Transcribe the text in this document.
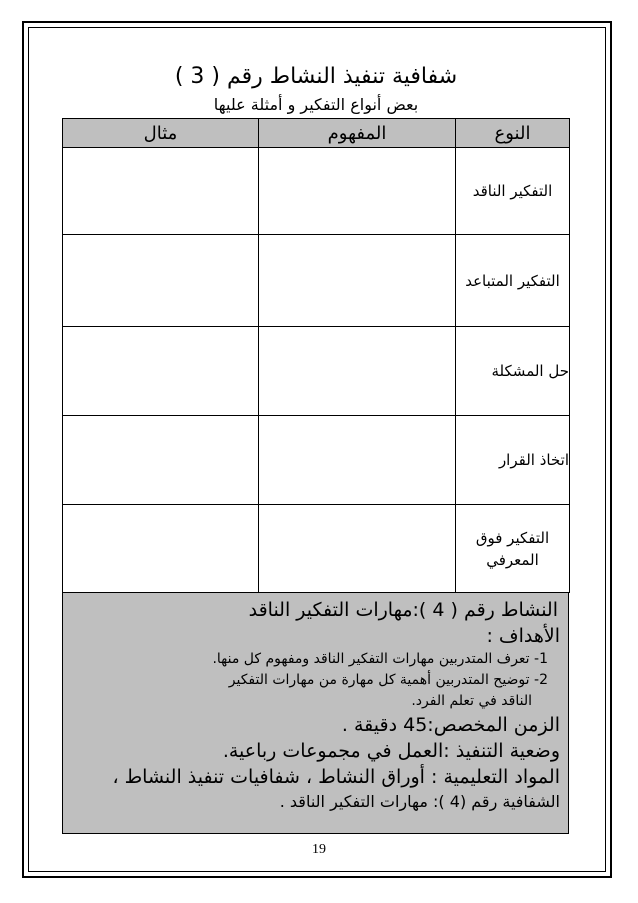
شفافية تنفيذ النشاط رقم ( 3 )
بعض أنواع التفكير و أمثلة عليها
النوع	المفهوم	مثال
التفكير الناقد		
التفكير المتباعد		
حل المشكلة		
اتخاذ القرار		
التفكير فوق المعرفي		
النشاط رقم ( 4 ):مهارات التفكير الناقد
الأهداف :
1- تعرف المتدربين مهارات التفكير الناقد ومفهوم كل منها.
2- توضيح المتدربين أهمية كل مهارة من مهارات التفكير
الناقد في تعلم الفرد.
الزمن المخصص:45 دقيقة .
وضعية التنفيذ :العمل في مجموعات رباعية.
المواد التعليمية : أوراق النشاط ، شفافيات تنفيذ النشاط ،
الشفافية رقم (4 ): مهارات التفكير الناقد .
19
